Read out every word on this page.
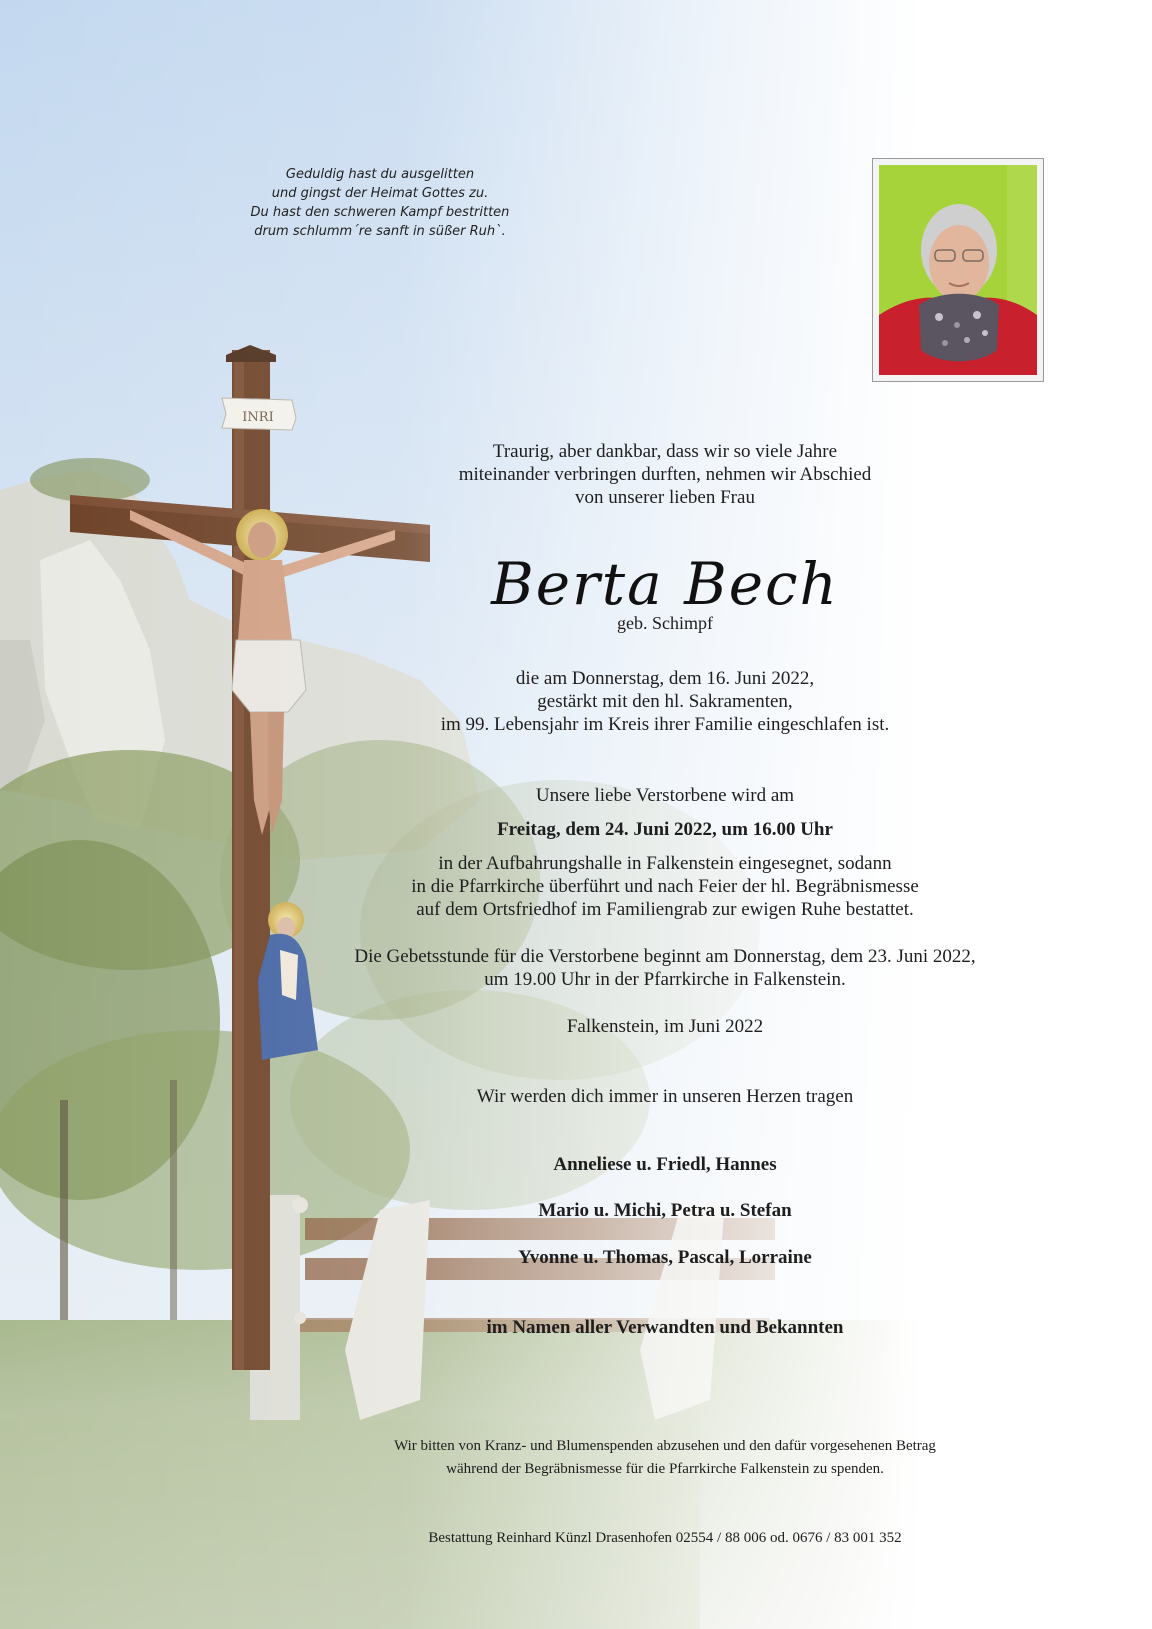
Geduldig hast du ausgelitten
und gingst der Heimat Gottes zu.
Du hast den schweren Kampf bestritten
drum schlumm´re sanft in süßer Ruh`.
Traurig, aber dankbar, dass wir so viele Jahre
miteinander verbringen durften, nehmen wir Abschied
von unserer lieben Frau
Berta Bech
geb. Schimpf
die am Donnerstag, dem 16. Juni 2022,
gestärkt mit den hl. Sakramenten,
im 99. Lebensjahr im Kreis ihrer Familie eingeschlafen ist.
Unsere liebe Verstorbene wird am
Freitag, dem 24. Juni 2022, um 16.00 Uhr
in der Aufbahrungshalle in Falkenstein eingesegnet, sodann
in die Pfarrkirche überführt und nach Feier der hl. Begräbnismesse
auf dem Ortsfriedhof im Familiengrab zur ewigen Ruhe bestattet.
Die Gebetsstunde für die Verstorbene beginnt am Donnerstag, dem 23. Juni 2022,
um 19.00 Uhr in der Pfarrkirche in Falkenstein.
Falkenstein, im Juni 2022
Wir werden dich immer in unseren Herzen tragen
Anneliese u. Friedl, Hannes
Mario u. Michi, Petra u. Stefan
Yvonne u. Thomas, Pascal, Lorraine
im Namen aller Verwandten und Bekannten
Wir bitten von Kranz- und Blumenspenden abzusehen und den dafür vorgesehenen Betrag
während der Begräbnismesse für die Pfarrkirche Falkenstein zu spenden.
Bestattung Reinhard Künzl Drasenhofen 02554 / 88 006 od. 0676 / 83 001 352
